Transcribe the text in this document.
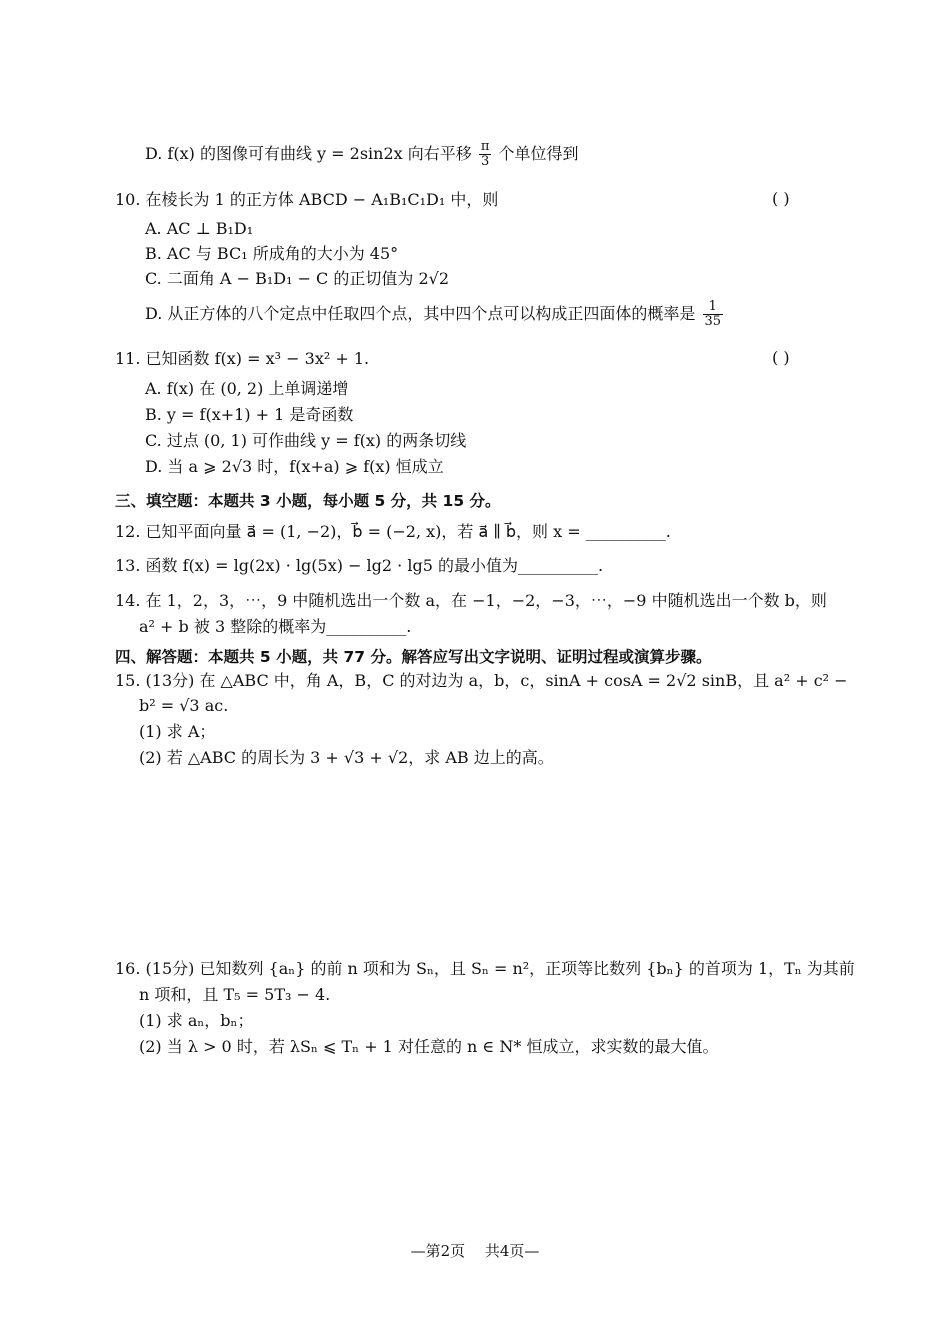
D. f(x) 的图像可有曲线 y = 2sin2x 向右平移 $\frac{\pi}{3}$ 个单位得到
10. 在棱长为 1 的正方体 ABCD − A₁B₁C₁D₁ 中，则	( )
A. AC ⊥ B₁D₁
B. AC 与 BC₁ 所成角的大小为 45°
C. 二面角 A − B₁D₁ − C 的正切值为 2√2
D. 从正方体的八个定点中任取四个点，其中四个点可以构成正四面体的概率是 $\frac{1}{35}$
11. 已知函数 f(x) = x³ − 3x² + 1.	( )
A. f(x) 在 (0, 2) 上单调递增
B. y = f(x+1) + 1 是奇函数
C. 过点 (0, 1) 可作曲线 y = f(x) 的两条切线
D. 当 a ⩾ 2√3 时，f(x+a) ⩾ f(x) 恒成立
三、填空题：本题共 3 小题，每小题 5 分，共 15 分。
12. 已知平面向量 a⃗ = (1, −2)，b⃗ = (−2, x)，若 a⃗ ∥ b⃗，则 x = __________.
13. 函数 f(x) = lg(2x) · lg(5x) − lg2 · lg5 的最小值为__________.
14. 在 1，2，3，⋯，9 中随机选出一个数 a，在 −1，−2，−3，⋯，−9 中随机选出一个数 b，则
a² + b 被 3 整除的概率为__________.
四、解答题：本题共 5 小题，共 77 分。解答应写出文字说明、证明过程或演算步骤。
15. (13分) 在 △ABC 中，角 A，B，C 的对边为 a，b，c，sinA + cosA = 2√2 sinB，且 a² + c² −
b² = √3 ac.
(1) 求 A；
(2) 若 △ABC 的周长为 3 + √3 + √2，求 AB 边上的高。
16. (15分) 已知数列 {aₙ} 的前 n 项和为 Sₙ，且 Sₙ = n²，正项等比数列 {bₙ} 的首项为 1，Tₙ 为其前
n 项和，且 T₅ = 5T₃ − 4.
(1) 求 aₙ，bₙ；
(2) 当 λ > 0 时，若 λSₙ ⩽ Tₙ + 1 对任意的 n ∈ N* 恒成立，求实数的最大值。
—第2页　 共4页—
